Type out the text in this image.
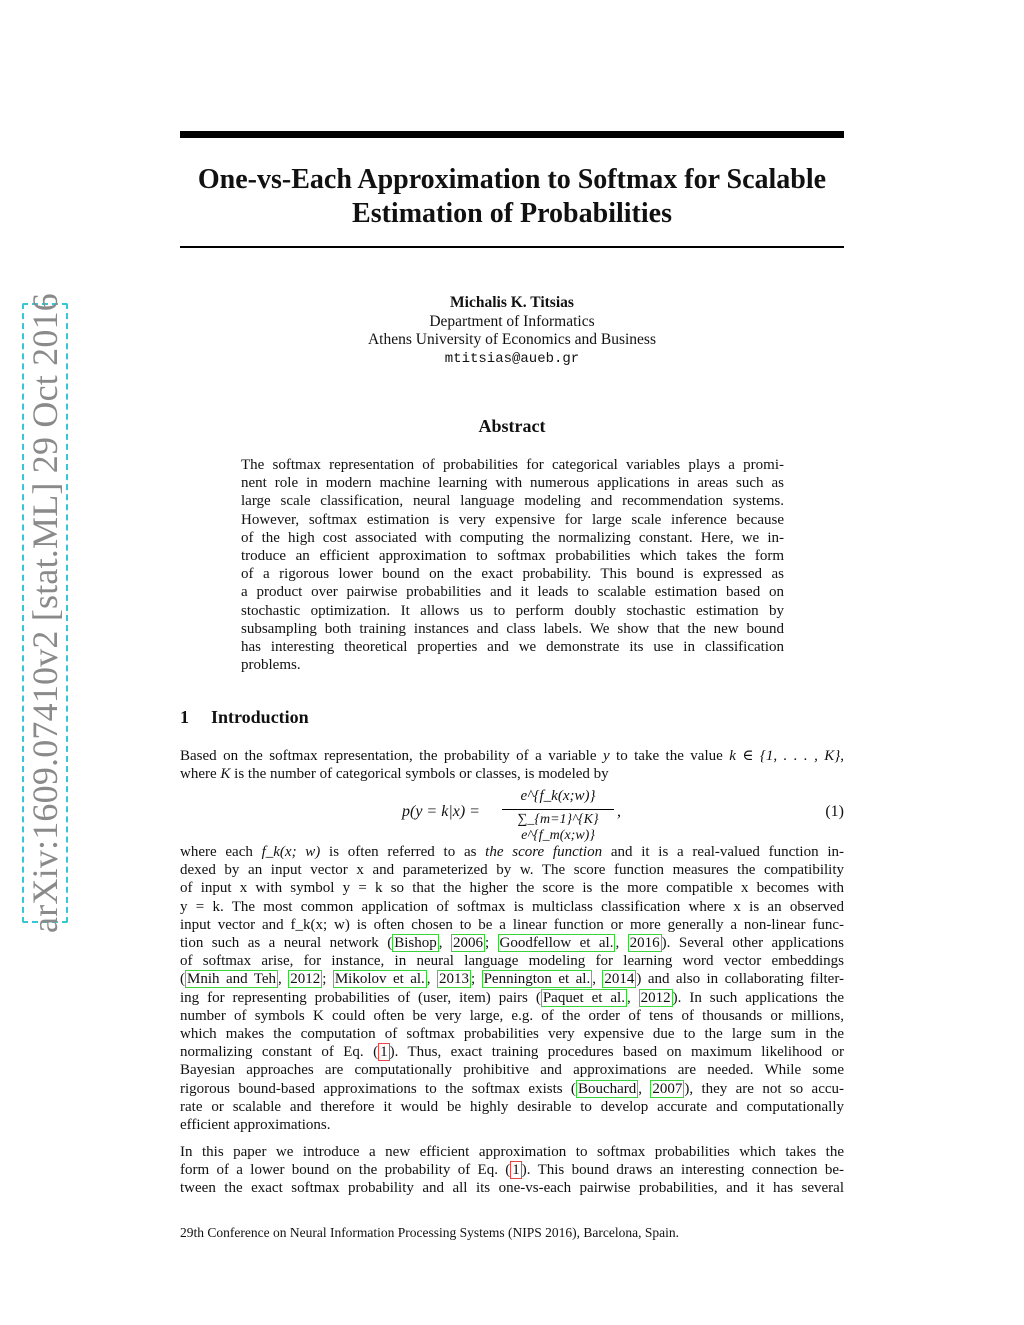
arXiv:1609.07410v2 [stat.ML] 29 Oct 2016
One-vs-Each Approximation to Softmax for Scalable
Estimation of Probabilities
Michalis K. Titsias
Department of Informatics
Athens University of Economics and Business
mtitsias@aueb.gr
Abstract
The softmax representation of probabilities for categorical variables plays a promi-
nent role in modern machine learning with numerous applications in areas such as
large scale classification, neural language modeling and recommendation systems.
However, softmax estimation is very expensive for large scale inference because
of the high cost associated with computing the normalizing constant. Here, we in-
troduce an efficient approximation to softmax probabilities which takes the form
of a rigorous lower bound on the exact probability. This bound is expressed as
a product over pairwise probabilities and it leads to scalable estimation based on
stochastic optimization. It allows us to perform doubly stochastic estimation by
subsampling both training instances and class labels. We show that the new bound
has interesting theoretical properties and we demonstrate its use in classification
problems.
1 Introduction
Based on the softmax representation, the probability of a variable y to take the value k ∈ {1, . . . , K},
where K is the number of categorical symbols or classes, is modeled by
p(y = k|x) =
e^{f_k(x;w)}
∑_{m=1}^{K} e^{f_m(x;w)}
,	(1)
where each f_k(x; w) is often referred to as the score function and it is a real-valued function in-
dexed by an input vector x and parameterized by w. The score function measures the compatibility
of input x with symbol y = k so that the higher the score is the more compatible x becomes with
y = k. The most common application of softmax is multiclass classification where x is an observed
input vector and f_k(x; w) is often chosen to be a linear function or more generally a non-linear func-
tion such as a neural network ( Bishop , 2006 ; Goodfellow et al. , 2016 ). Several other applications
of softmax arise, for instance, in neural language modeling for learning word vector embeddings
( Mnih and Teh , 2012 ; Mikolov et al. , 2013 ; Pennington et al. , 2014 ) and also in collaborating filter-
ing for representing probabilities of (user, item) pairs ( Paquet et al. , 2012 ). In such applications the
number of symbols K could often be very large, e.g. of the order of tens of thousands or millions,
which makes the computation of softmax probabilities very expensive due to the large sum in the
normalizing constant of Eq. ( 1 ). Thus, exact training procedures based on maximum likelihood or
Bayesian approaches are computationally prohibitive and approximations are needed. While some
rigorous bound-based approximations to the softmax exists ( Bouchard , 2007 ), they are not so accu-
rate or scalable and therefore it would be highly desirable to develop accurate and computationally
efficient approximations.
In this paper we introduce a new efficient approximation to softmax probabilities which takes the
form of a lower bound on the probability of Eq. ( 1 ). This bound draws an interesting connection be-
tween the exact softmax probability and all its one-vs-each pairwise probabilities, and it has several
29th Conference on Neural Information Processing Systems (NIPS 2016), Barcelona, Spain.
